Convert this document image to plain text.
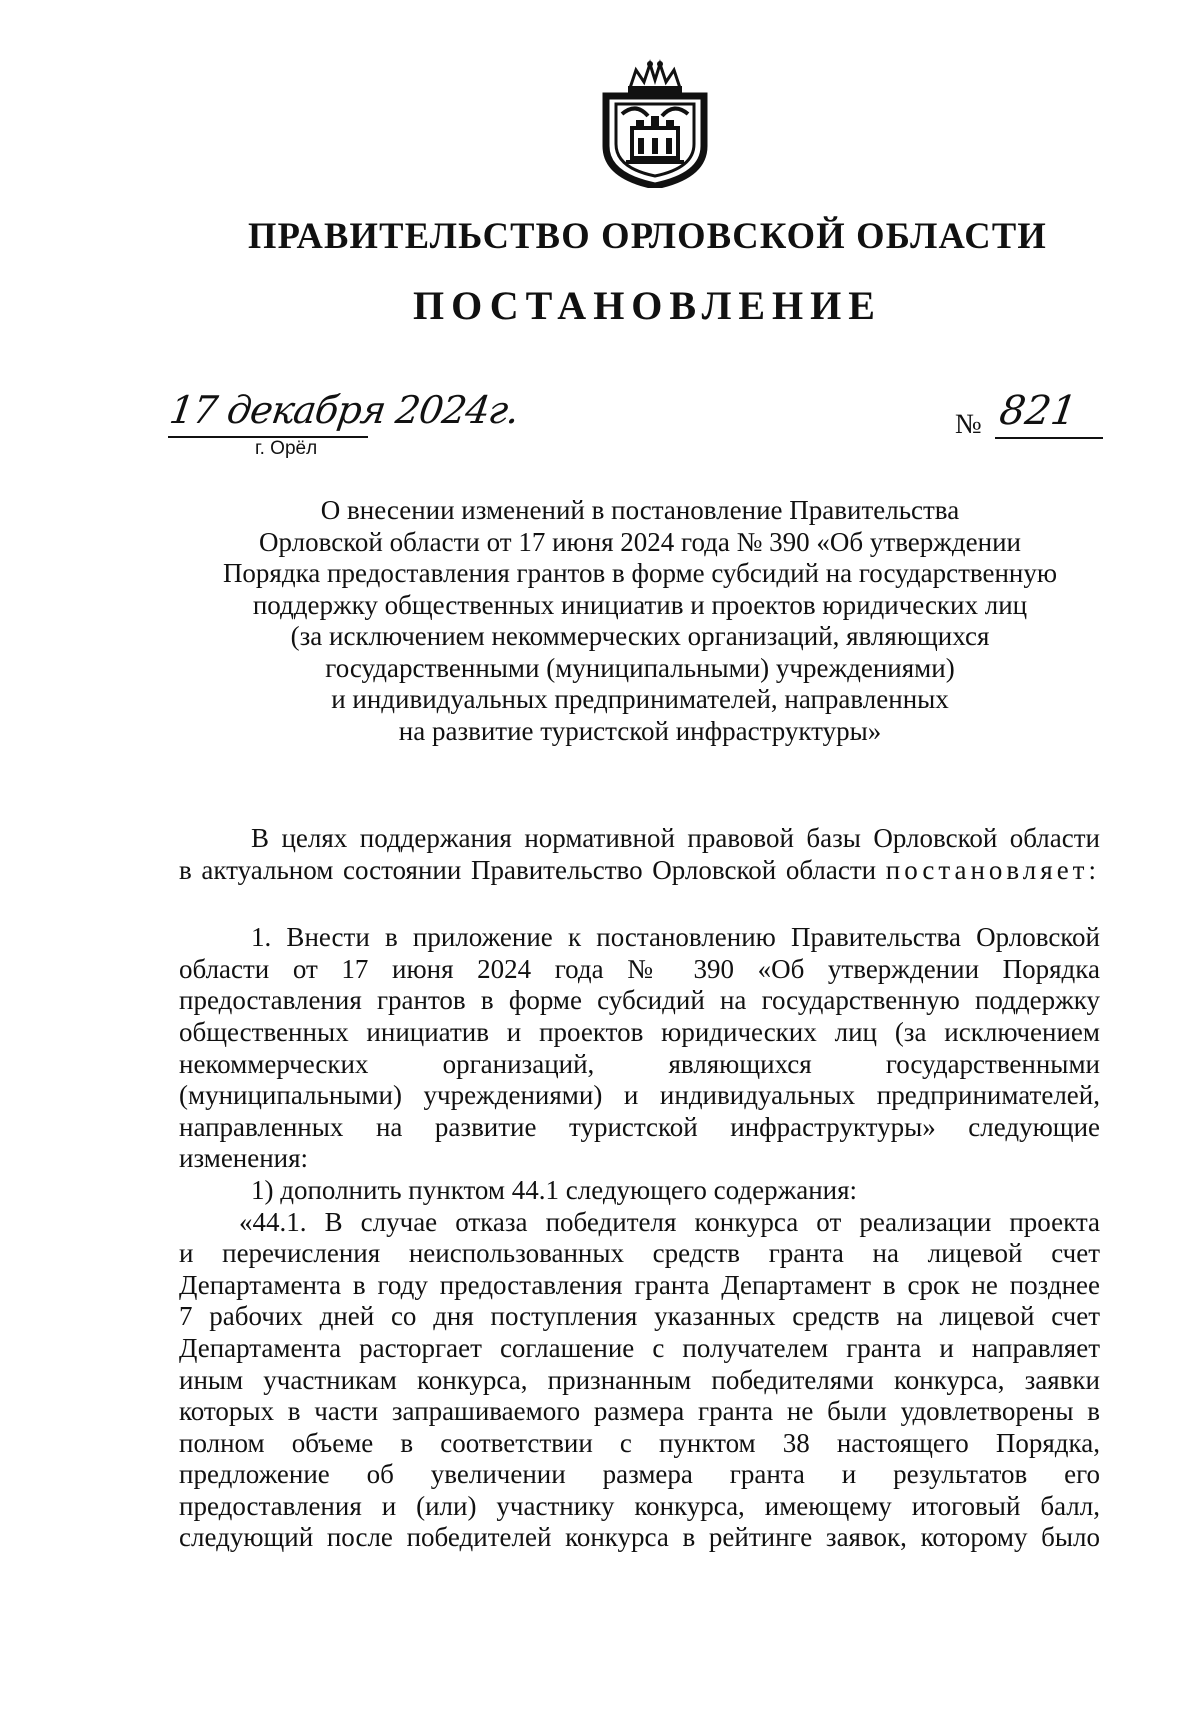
ПРАВИТЕЛЬСТВО ОРЛОВСКОЙ ОБЛАСТИ
ПОСТАНОВЛЕНИЕ
17 декабря 2024г.
г. Орёл
№ 821
О внесении изменений в постановление Правительства
Орловской области от 17 июня 2024 года № 390 «Об утверждении
Порядка предоставления грантов в форме субсидий на государственную
поддержку общественных инициатив и проектов юридических лиц
(за исключением некоммерческих организаций, являющихся
государственными (муниципальными) учреждениями)
и индивидуальных предпринимателей, направленных
на развитие туристской инфраструктуры»
В целях поддержания нормативной правовой базы Орловской области
в актуальном состоянии Правительство Орловской области постановляет:
1. Внести в приложение к постановлению Правительства Орловской
области от 17 июня 2024 года № 390 «Об утверждении Порядка
предоставления грантов в форме субсидий на государственную поддержку
общественных инициатив и проектов юридических лиц (за исключением
некоммерческих организаций, являющихся государственными
(муниципальными) учреждениями) и индивидуальных предпринимателей,
направленных на развитие туристской инфраструктуры» следующие
изменения:
1) дополнить пунктом 44.1 следующего содержания:
«44.1. В случае отказа победителя конкурса от реализации проекта
и перечисления неиспользованных средств гранта на лицевой счет
Департамента в году предоставления гранта Департамент в срок не позднее
7 рабочих дней со дня поступления указанных средств на лицевой счет
Департамента расторгает соглашение с получателем гранта и направляет
иным участникам конкурса, признанным победителями конкурса, заявки
которых в части запрашиваемого размера гранта не были удовлетворены в
полном объеме в соответствии с пунктом 38 настоящего Порядка,
предложение об увеличении размера гранта и результатов его
предоставления и (или) участнику конкурса, имеющему итоговый балл,
следующий после победителей конкурса в рейтинге заявок, которому было
